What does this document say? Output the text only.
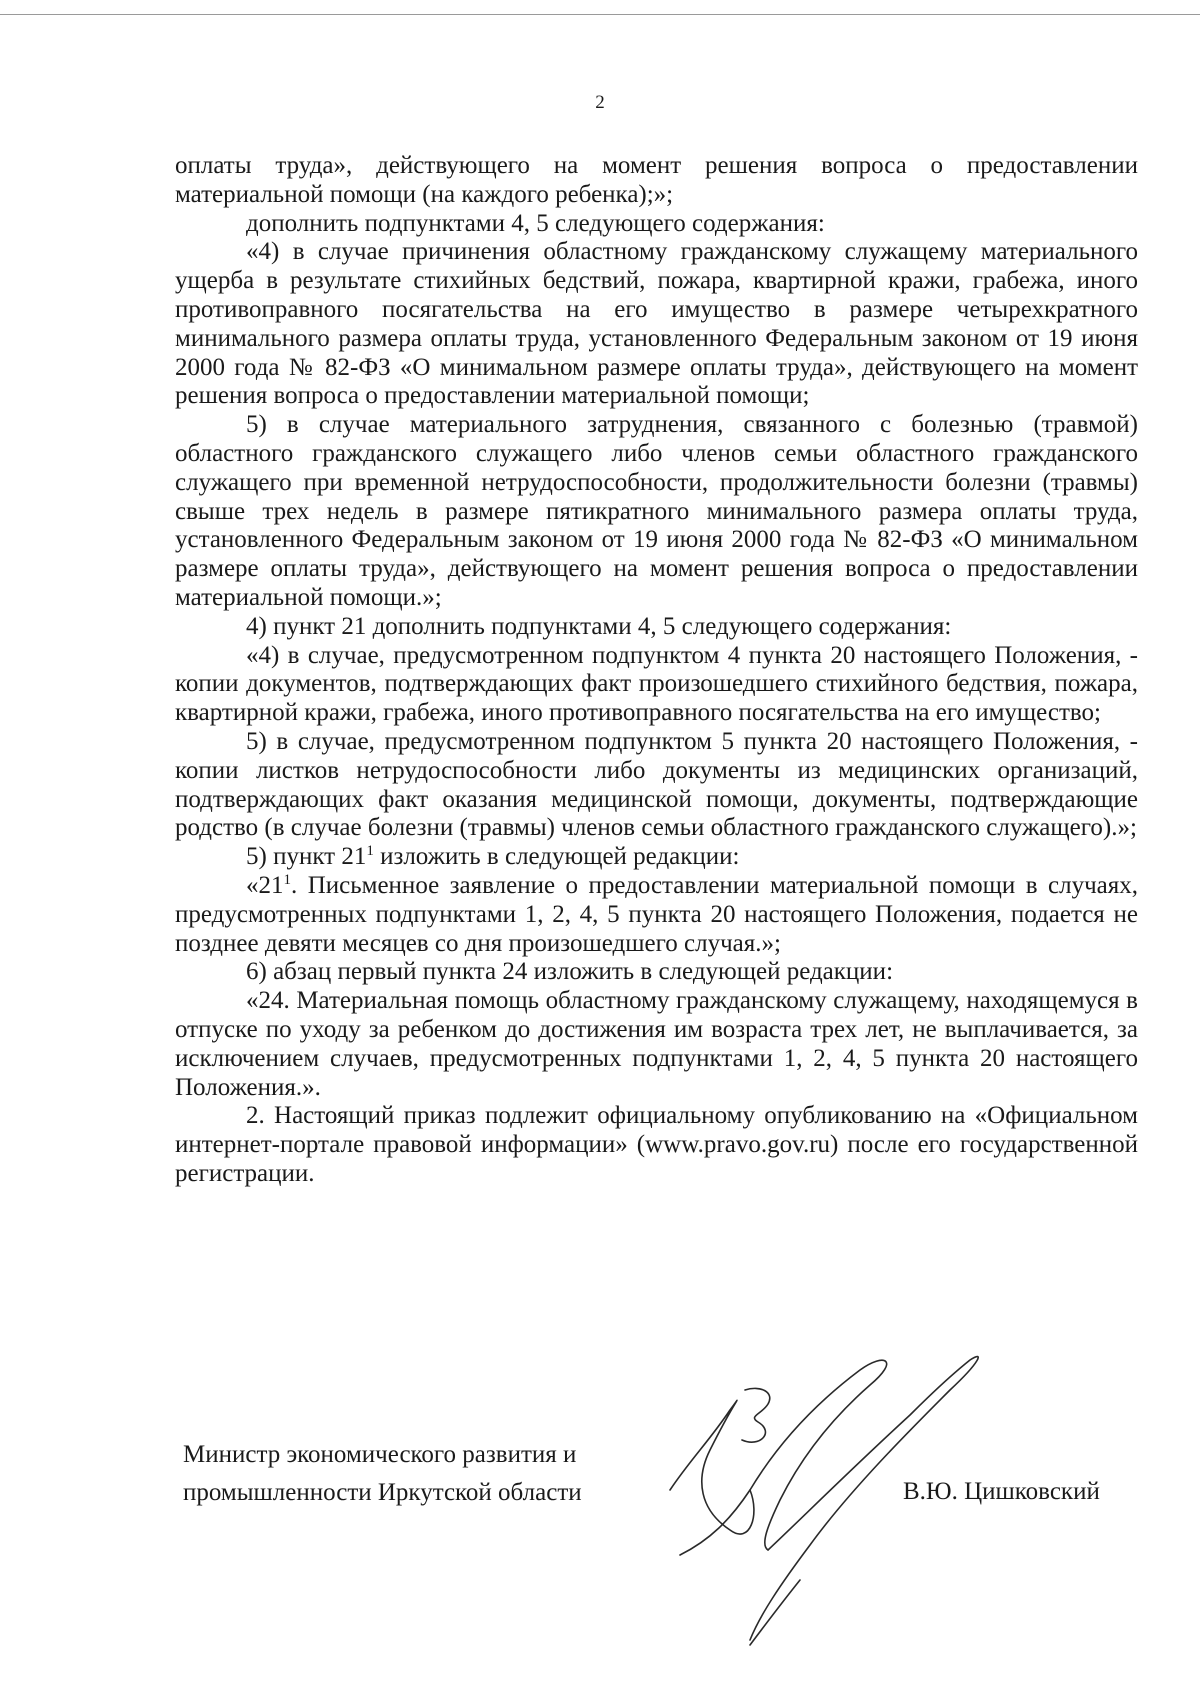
2

оплаты труда», действующего на момент решения вопроса о предоставлении материальной помощи (на каждого ребенка);»;

дополнить подпунктами 4, 5 следующего содержания:

«4) в случае причинения областному гражданскому служащему материального ущерба в результате стихийных бедствий, пожара, квартирной кражи, грабежа, иного противоправного посягательства на его имущество в размере четырехкратного минимального размера оплаты труда, установленного Федеральным законом от 19 июня 2000 года № 82-ФЗ «О минимальном размере оплаты труда», действующего на момент решения вопроса о предоставлении материальной помощи;

5) в случае материального затруднения, связанного с болезнью (травмой) областного гражданского служащего либо членов семьи областного гражданского служащего при временной нетрудоспособности, продолжительности болезни (травмы) свыше трех недель в размере пятикратного минимального размера оплаты труда, установленного Федеральным законом от 19 июня 2000 года № 82-ФЗ «О минимальном размере оплаты труда», действующего на момент решения вопроса о предоставлении материальной помощи.»;

4) пункт 21 дополнить подпунктами 4, 5 следующего содержания:

«4) в случае, предусмотренном подпунктом 4 пункта 20 настоящего Положения, - копии документов, подтверждающих факт произошедшего стихийного бедствия, пожара, квартирной кражи, грабежа, иного противоправного посягательства на его имущество;

5) в случае, предусмотренном подпунктом 5 пункта 20 настоящего Положения, - копии листков нетрудоспособности либо документы из медицинских организаций, подтверждающих факт оказания медицинской помощи, документы, подтверждающие родство (в случае болезни (травмы) членов семьи областного гражданского служащего).»;

5) пункт $21^1$ изложить в следующей редакции:

«$21^1$. Письменное заявление о предоставлении материальной помощи в случаях, предусмотренных подпунктами 1, 2, 4, 5 пункта 20 настоящего Положения, подается не позднее девяти месяцев со дня произошедшего случая.»;

6) абзац первый пункта 24 изложить в следующей редакции:

«24. Материальная помощь областному гражданскому служащему, находящемуся в отпуске по уходу за ребенком до достижения им возраста трех лет, не выплачивается, за исключением случаев, предусмотренных подпунктами 1, 2, 4, 5 пункта 20 настоящего Положения.».

2. Настоящий приказ подлежит официальному опубликованию на «Официальном интернет-портале правовой информации» (www.pravo.gov.ru) после его государственной регистрации.

Министр экономического развития и
промышленности Иркутской области	В.Ю. Цишковский
